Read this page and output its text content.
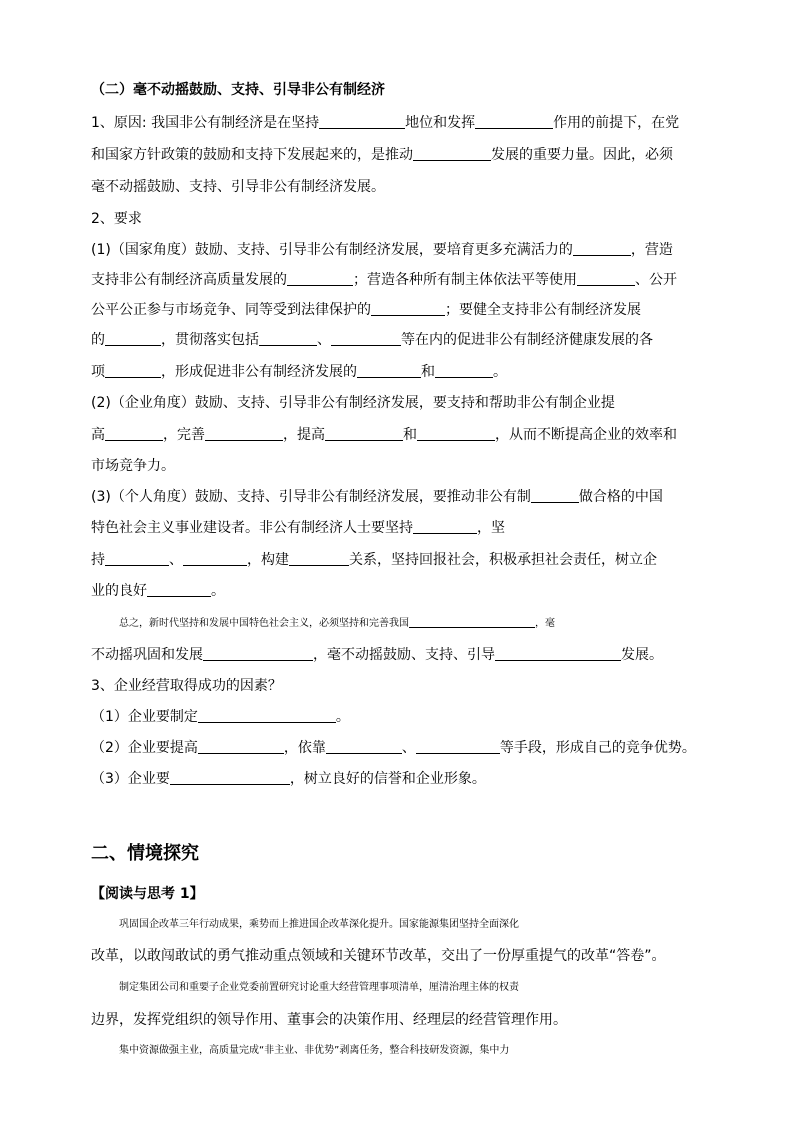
（二）毫不动摇鼓励、支持、引导非公有制经济
1、原因: 我国非公有制经济是在坚持	地位和发挥	作用的前提下，在党
和国家方针政策的鼓励和支持下发展起来的，是推动	发展的重要力量。因此，必须
毫不动摇鼓励、支持、引导非公有制经济发展。
2、要求
(1)（国家角度）鼓励、支持、引导非公有制经济发展，要培育更多充满活力的	，营造
支持非公有制经济高质量发展的	；营造各种所有制主体依法平等使用	、公开
公平公正参与市场竞争、同等受到法律保护的	；要健全支持非公有制经济发展
的	，贯彻落实包括	、	等在内的促进非公有制经济健康发展的各
项	，形成促进非公有制经济发展的	和	。
(2)（企业角度）鼓励、支持、引导非公有制经济发展，要支持和帮助非公有制企业提
高	，完善	，提高	和	，从而不断提高企业的效率和
市场竞争力。
(3)（个人角度）鼓励、支持、引导非公有制经济发展，要推动非公有制	做合格的中国
特色社会主义事业建设者。非公有制经济人士要坚持	，坚
持	、	，构建	关系，坚持回报社会，积极承担社会责任，树立企
业的良好	。
总之，新时代坚持和发展中国特色社会主义，必须坚持和完善我国	，毫
不动摇巩固和发展	，毫不动摇鼓励、支持、引导	发展。
3、企业经营取得成功的因素？
（1）企业要制定	。
（2）企业要提高	，依靠	、	等手段，形成自己的竞争优势。
（3）企业要	，树立良好的信誉和企业形象。
二、情境探究
【阅读与思考 1】
巩固国企改革三年行动成果，乘势而上推进国企改革深化提升。国家能源集团坚持全面深化
改革，以敢闯敢试的勇气推动重点领域和关键环节改革，交出了一份厚重提气的改革“答卷”。
制定集团公司和重要子企业党委前置研究讨论重大经营管理事项清单，厘清治理主体的权责
边界，发挥党组织的领导作用、董事会的决策作用、经理层的经营管理作用。
集中资源做强主业，高质量完成“非主业、非优势”剥离任务，整合科技研发资源，集中力
